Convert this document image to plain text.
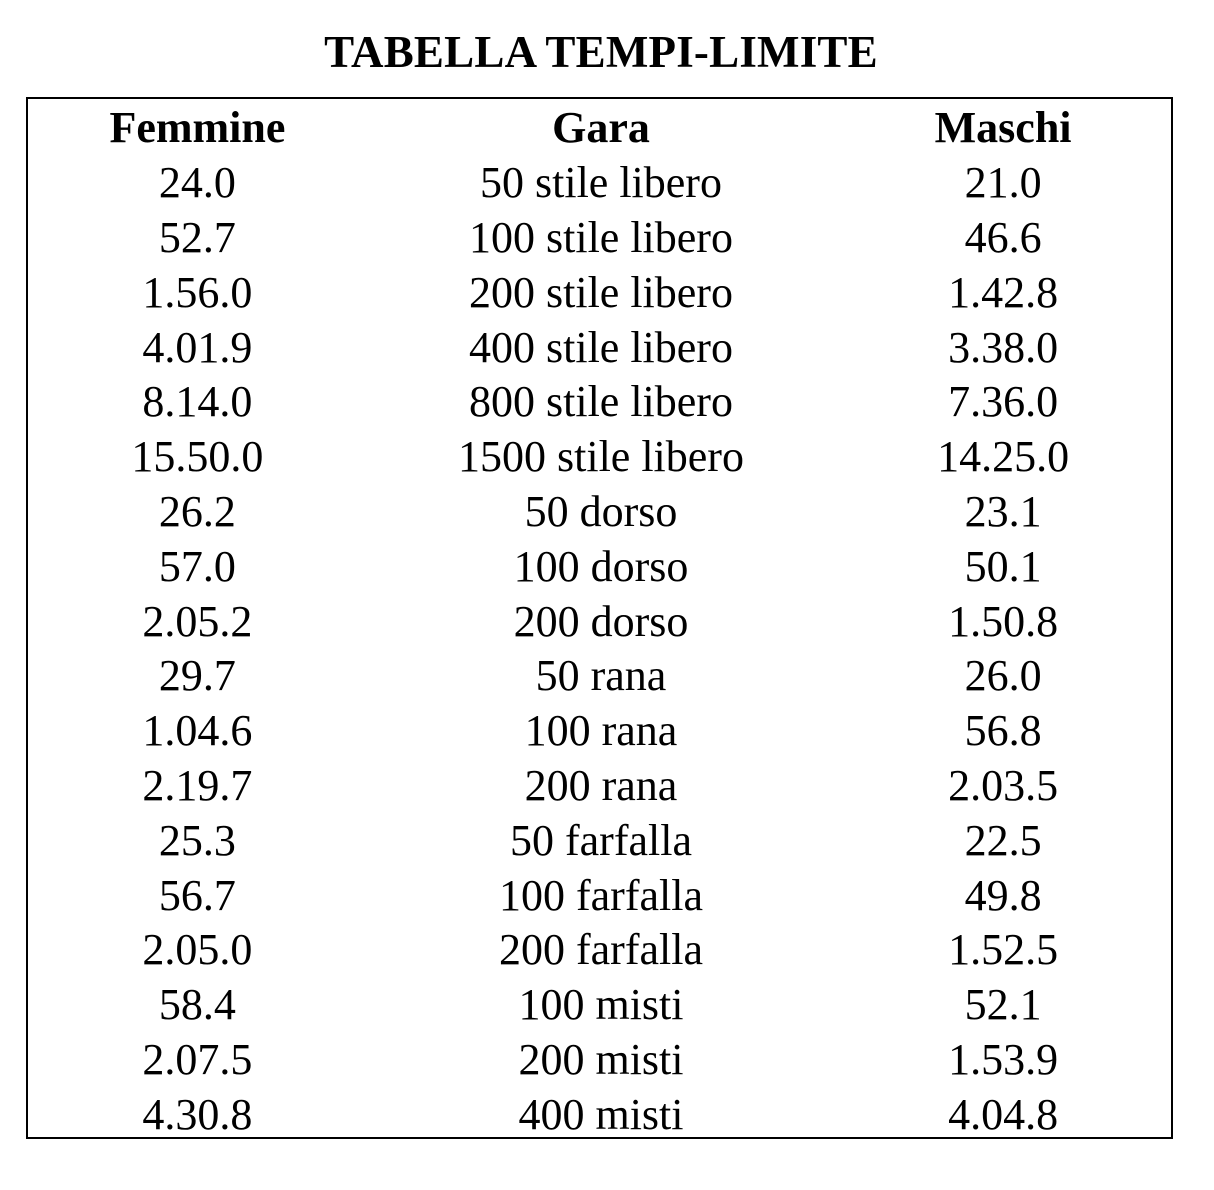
TABELLA TEMPI-LIMITE
Femmine	Gara	Maschi
24.0	50 stile libero	21.0
52.7	100 stile libero	46.6
1.56.0	200 stile libero	1.42.8
4.01.9	400 stile libero	3.38.0
8.14.0	800 stile libero	7.36.0
15.50.0	1500 stile libero	14.25.0
26.2	50 dorso	23.1
57.0	100 dorso	50.1
2.05.2	200 dorso	1.50.8
29.7	50 rana	26.0
1.04.6	100 rana	56.8
2.19.7	200 rana	2.03.5
25.3	50 farfalla	22.5
56.7	100 farfalla	49.8
2.05.0	200 farfalla	1.52.5
58.4	100 misti	52.1
2.07.5	200 misti	1.53.9
4.30.8	400 misti	4.04.8
